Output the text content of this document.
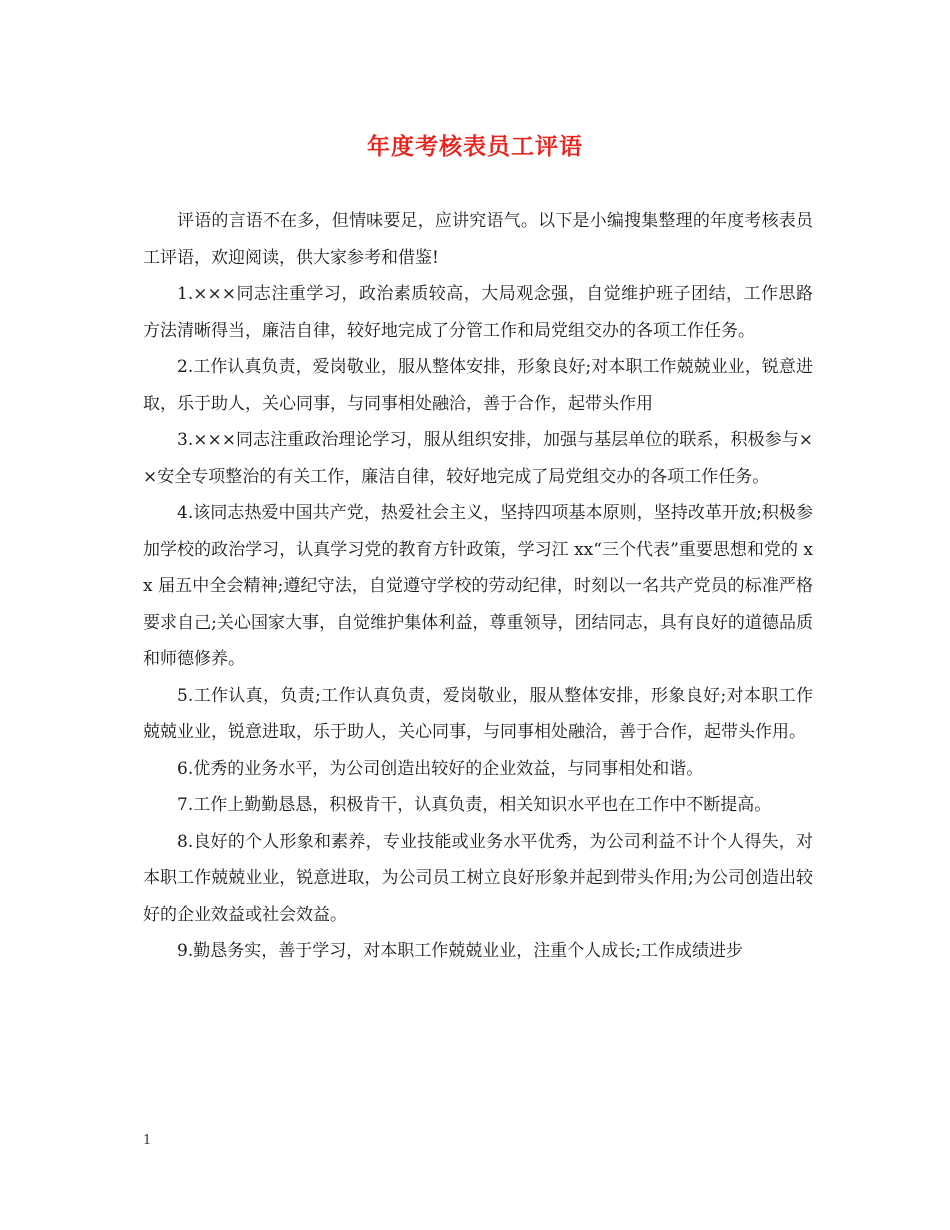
年度考核表员工评语

评语的言语不在多，但情味要足，应讲究语气。以下是小编搜集整理的年度考核表员工评语，欢迎阅读，供大家参考和借鉴!

1.×××同志注重学习，政治素质较高，大局观念强，自觉维护班子团结，工作思路方法清晰得当，廉洁自律，较好地完成了分管工作和局党组交办的各项工作任务。

2.工作认真负责，爱岗敬业，服从整体安排，形象良好;对本职工作兢兢业业，锐意进取，乐于助人，关心同事，与同事相处融洽，善于合作，起带头作用

3.×××同志注重政治理论学习，服从组织安排，加强与基层单位的联系，积极参与××安全专项整治的有关工作，廉洁自律，较好地完成了局党组交办的各项工作任务。

4.该同志热爱中国共产党，热爱社会主义，坚持四项基本原则，坚持改革开放;积极参加学校的政治学习，认真学习党的教育方针政策，学习江 xx“三个代表”重要思想和党的 xx 届五中全会精神;遵纪守法，自觉遵守学校的劳动纪律，时刻以一名共产党员的标准严格要求自己;关心国家大事，自觉维护集体利益，尊重领导，团结同志，具有良好的道德品质和师德修养。

5.工作认真，负责;工作认真负责，爱岗敬业，服从整体安排，形象良好;对本职工作兢兢业业，锐意进取，乐于助人，关心同事，与同事相处融洽，善于合作，起带头作用。

6.优秀的业务水平，为公司创造出较好的企业效益，与同事相处和谐。

7.工作上勤勤恳恳，积极肯干，认真负责，相关知识水平也在工作中不断提高。

8.良好的个人形象和素养，专业技能或业务水平优秀，为公司利益不计个人得失，对本职工作兢兢业业，锐意进取，为公司员工树立良好形象并起到带头作用;为公司创造出较好的企业效益或社会效益。

9.勤恳务实，善于学习，对本职工作兢兢业业，注重个人成长;工作成绩进步

1
